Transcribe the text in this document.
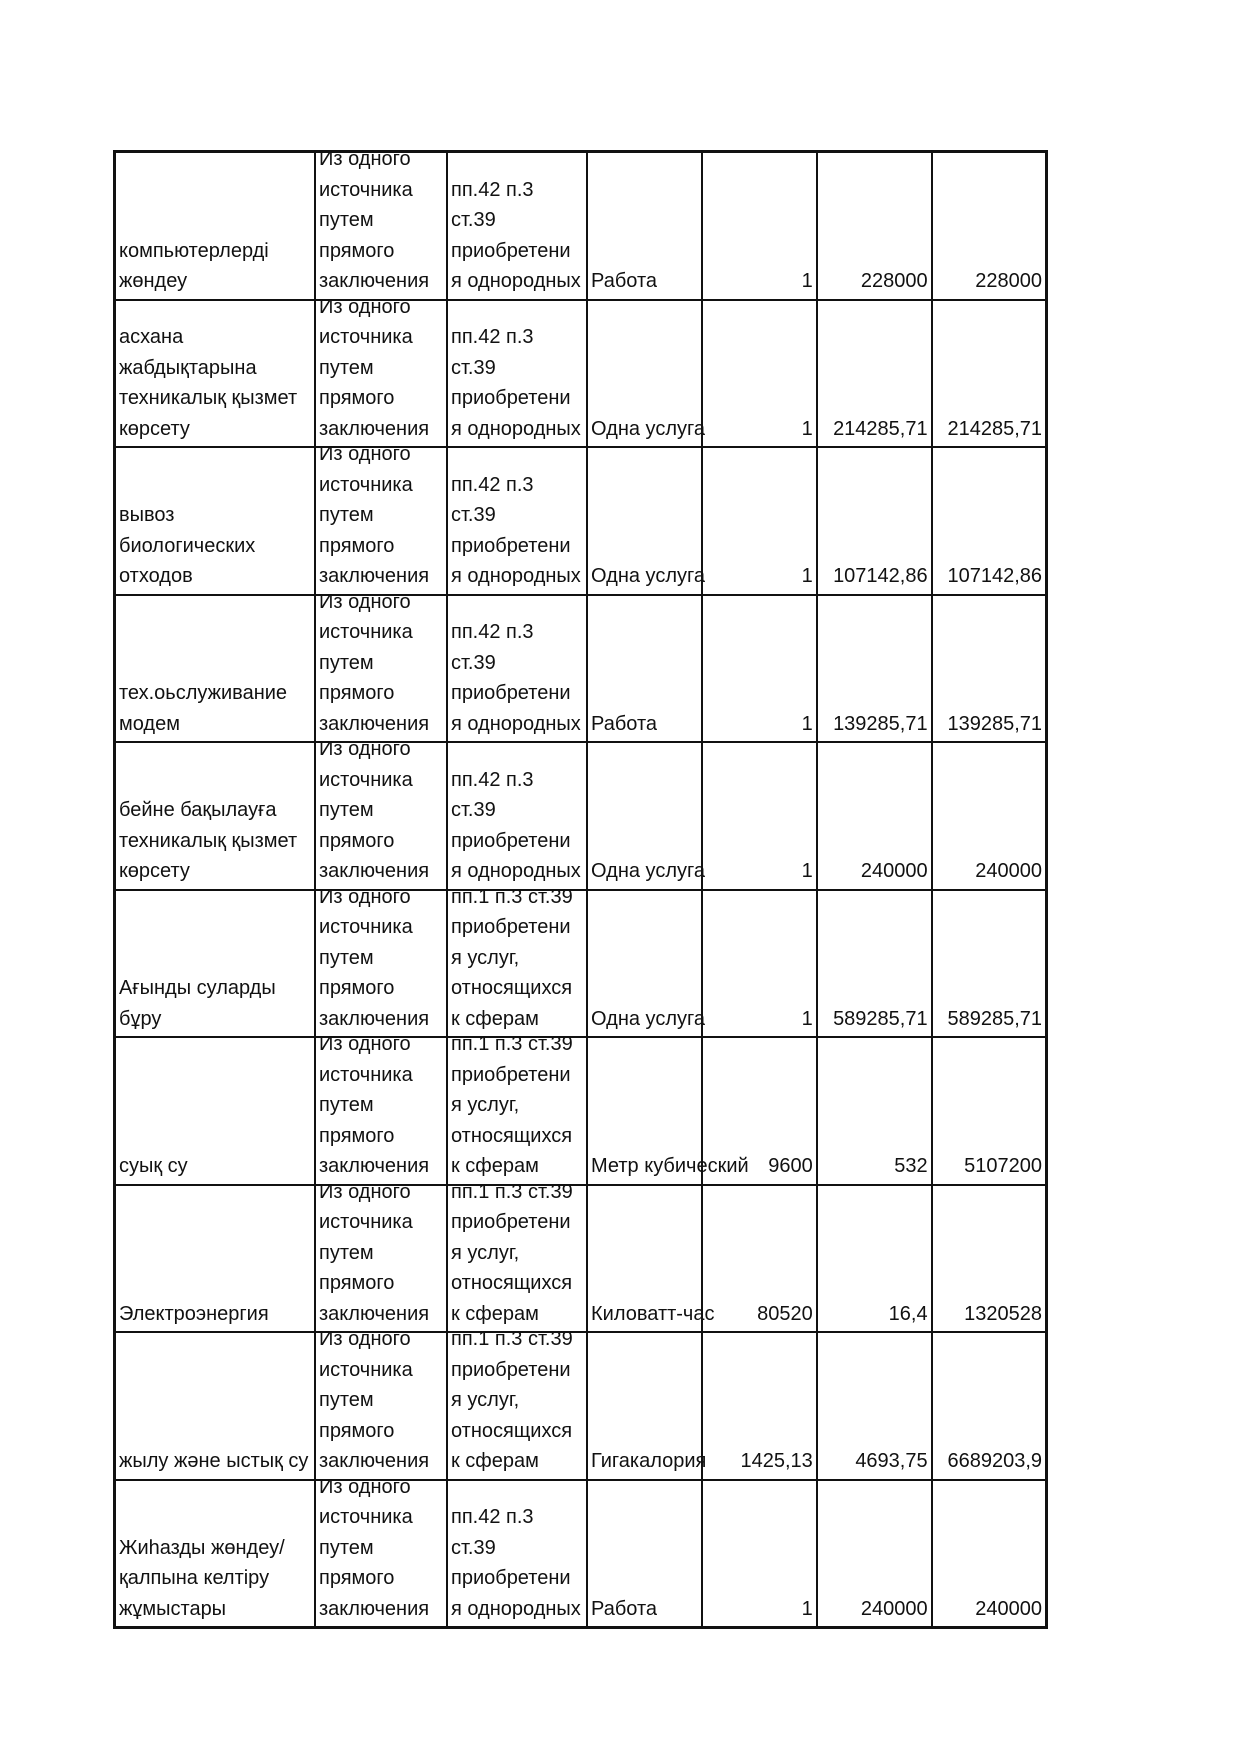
компьютерлерді жөндеу	Из одного источника путем прямого заключения	пп.42 п.3 ст.39 приобретени я однородных	Работа	1	228000	228000

асхана жабдықтарына техникалық қызмет көрсету	Из одного источника путем прямого заключения	пп.42 п.3 ст.39 приобретени я однородных	Одна услуга	1	214285,71	214285,71

вывоз биологических отходов	Из одного источника путем прямого заключения	пп.42 п.3 ст.39 приобретени я однородных	Одна услуга	1	107142,86	107142,86

тех.оьслуживание модем	Из одного источника путем прямого заключения	пп.42 п.3 ст.39 приобретени я однородных	Работа	1	139285,71	139285,71

бейне бақылауға техникалық қызмет көрсету	Из одного источника путем прямого заключения	пп.42 п.3 ст.39 приобретени я однородных	Одна услуга	1	240000	240000

Ағынды суларды бұру	Из одного источника путем прямого заключения	пп.1 п.3 ст.39 приобретени я услуг, относящихся к сферам	Одна услуга	1	589285,71	589285,71

суық су	Из одного источника путем прямого заключения	пп.1 п.3 ст.39 приобретени я услуг, относящихся к сферам	Метр кубический	9600	532	5107200

Электроэнергия	Из одного источника путем прямого заключения	пп.1 п.3 ст.39 приобретени я услуг, относящихся к сферам	Киловатт-час	80520	16,4	1320528

жылу және ыстық су	Из одного источника путем прямого заключения	пп.1 п.3 ст.39 приобретени я услуг, относящихся к сферам	Гигакалория	1425,13	4693,75	6689203,9

Жиһазды жөндеу/қалпына келтіру жұмыстары	Из одного источника путем прямого заключения	пп.42 п.3 ст.39 приобретени я однородных	Работа	1	240000	240000
